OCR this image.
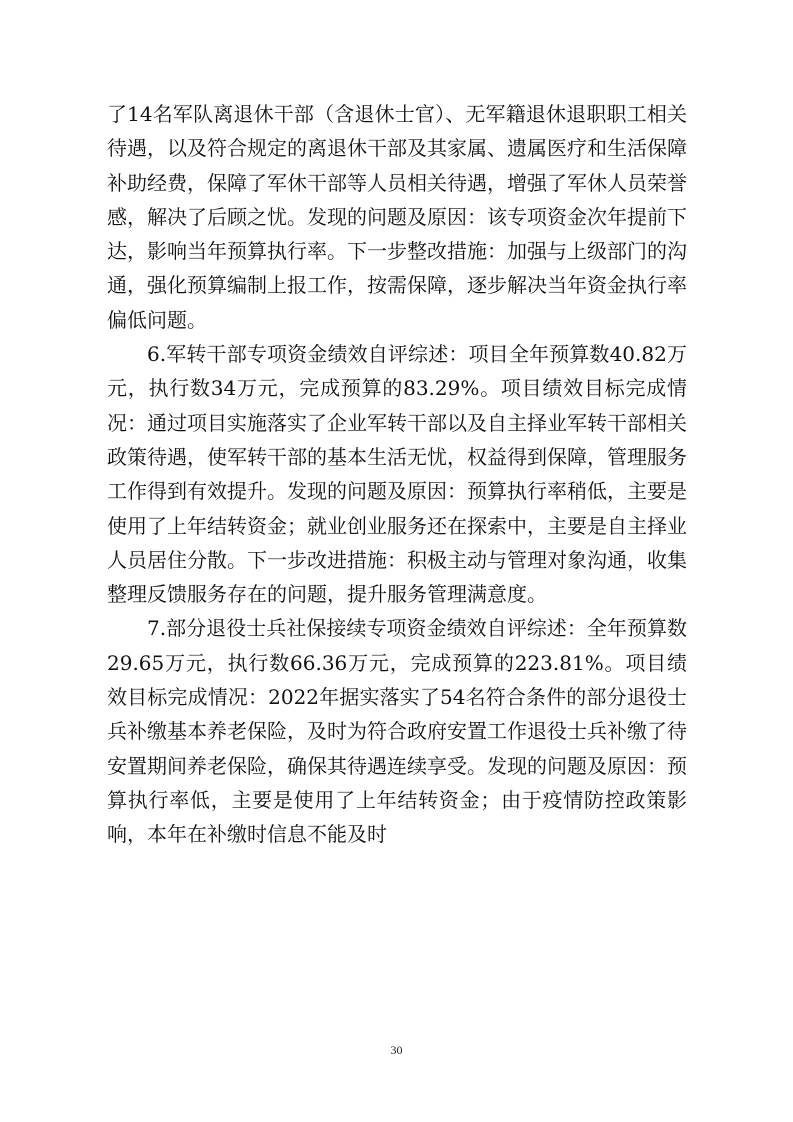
了14名军队离退休干部（含退休士官）、无军籍退休退职职工相关待遇，以及符合规定的离退休干部及其家属、遗属医疗和生活保障补助经费，保障了军休干部等人员相关待遇，增强了军休人员荣誉感，解决了后顾之忧。发现的问题及原因：该专项资金次年提前下达，影响当年预算执行率。下一步整改措施：加强与上级部门的沟通，强化预算编制上报工作，按需保障，逐步解决当年资金执行率偏低问题。

6.军转干部专项资金绩效自评综述：项目全年预算数40.82万元，执行数34万元，完成预算的83.29%。项目绩效目标完成情况：通过项目实施落实了企业军转干部以及自主择业军转干部相关政策待遇，使军转干部的基本生活无忧，权益得到保障，管理服务工作得到有效提升。发现的问题及原因：预算执行率稍低，主要是使用了上年结转资金；就业创业服务还在探索中，主要是自主择业人员居住分散。下一步改进措施：积极主动与管理对象沟通，收集整理反馈服务存在的问题，提升服务管理满意度。

7.部分退役士兵社保接续专项资金绩效自评综述：全年预算数29.65万元，执行数66.36万元，完成预算的223.81%。项目绩效目标完成情况：2022年据实落实了54名符合条件的部分退役士兵补缴基本养老保险，及时为符合政府安置工作退役士兵补缴了待安置期间养老保险，确保其待遇连续享受。发现的问题及原因：预算执行率低，主要是使用了上年结转资金；由于疫情防控政策影响，本年在补缴时信息不能及时

30
